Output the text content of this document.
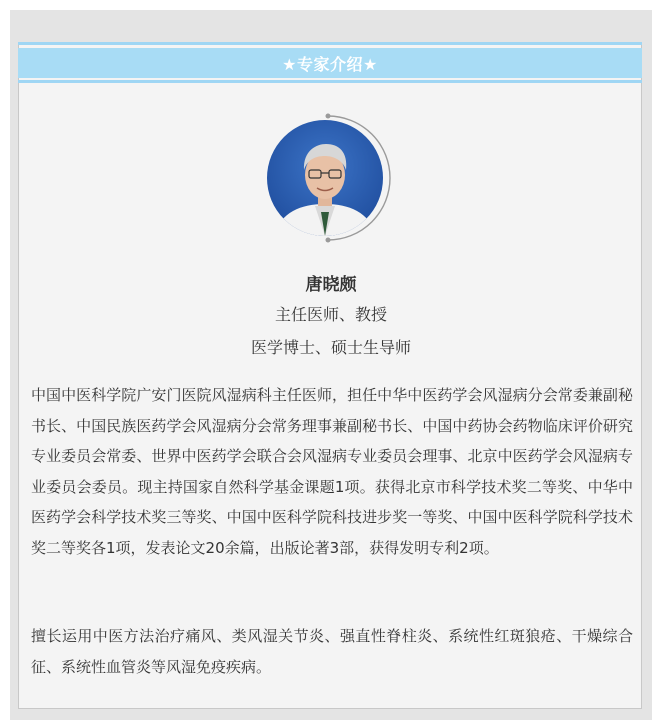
★专家介绍★
唐晓颇
主任医师、教授
医学博士、硕士生导师

中国中医科学院广安门医院风湿病科主任医师，担任中华中医药学会风湿病分会常委兼副秘书长、中国民族医药学会风湿病分会常务理事兼副秘书长、中国中药协会药物临床评价研究专业委员会常委、世界中医药学会联合会风湿病专业委员会理事、北京中医药学会风湿病专业委员会委员。现主持国家自然科学基金课题1项。获得北京市科学技术奖二等奖、中华中医药学会科学技术奖三等奖、中国中医科学院科技进步奖一等奖、中国中医科学院科学技术奖二等奖各1项，发表论文20余篇，出版论著3部，获得发明专利2项。

擅长运用中医方法治疗痛风、类风湿关节炎、强直性脊柱炎、系统性红斑狼疮、干燥综合征、系统性血管炎等风湿免疫疾病。
